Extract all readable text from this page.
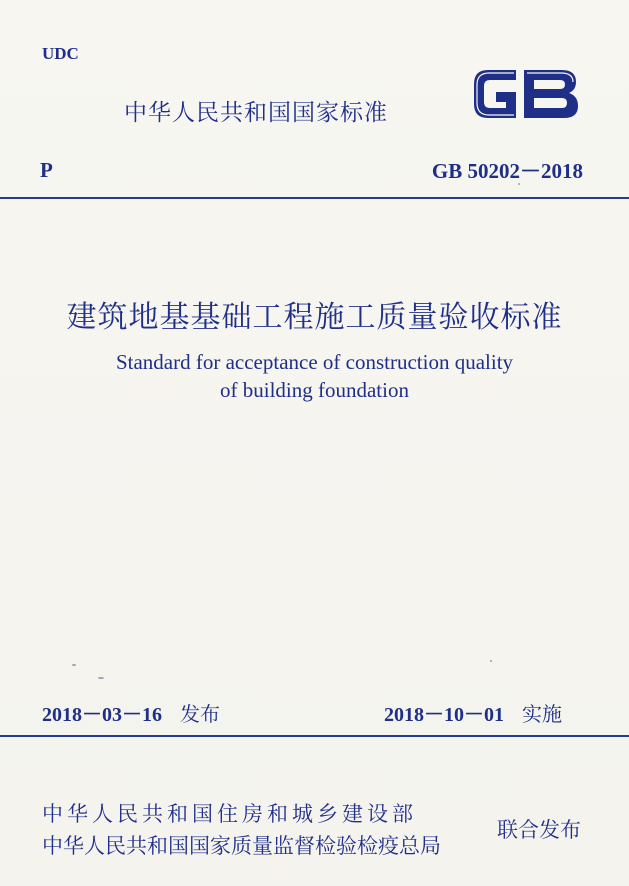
UDC
中华人民共和国国家标准
P	GB 50202－2018
建筑地基基础工程施工质量验收标准
Standard for acceptance of construction quality
of building foundation
2018－03－16 发布	2018－10－01 实施
中华人民共和国住房和城乡建设部
中华人民共和国国家质量监督检验检疫总局
联合发布
